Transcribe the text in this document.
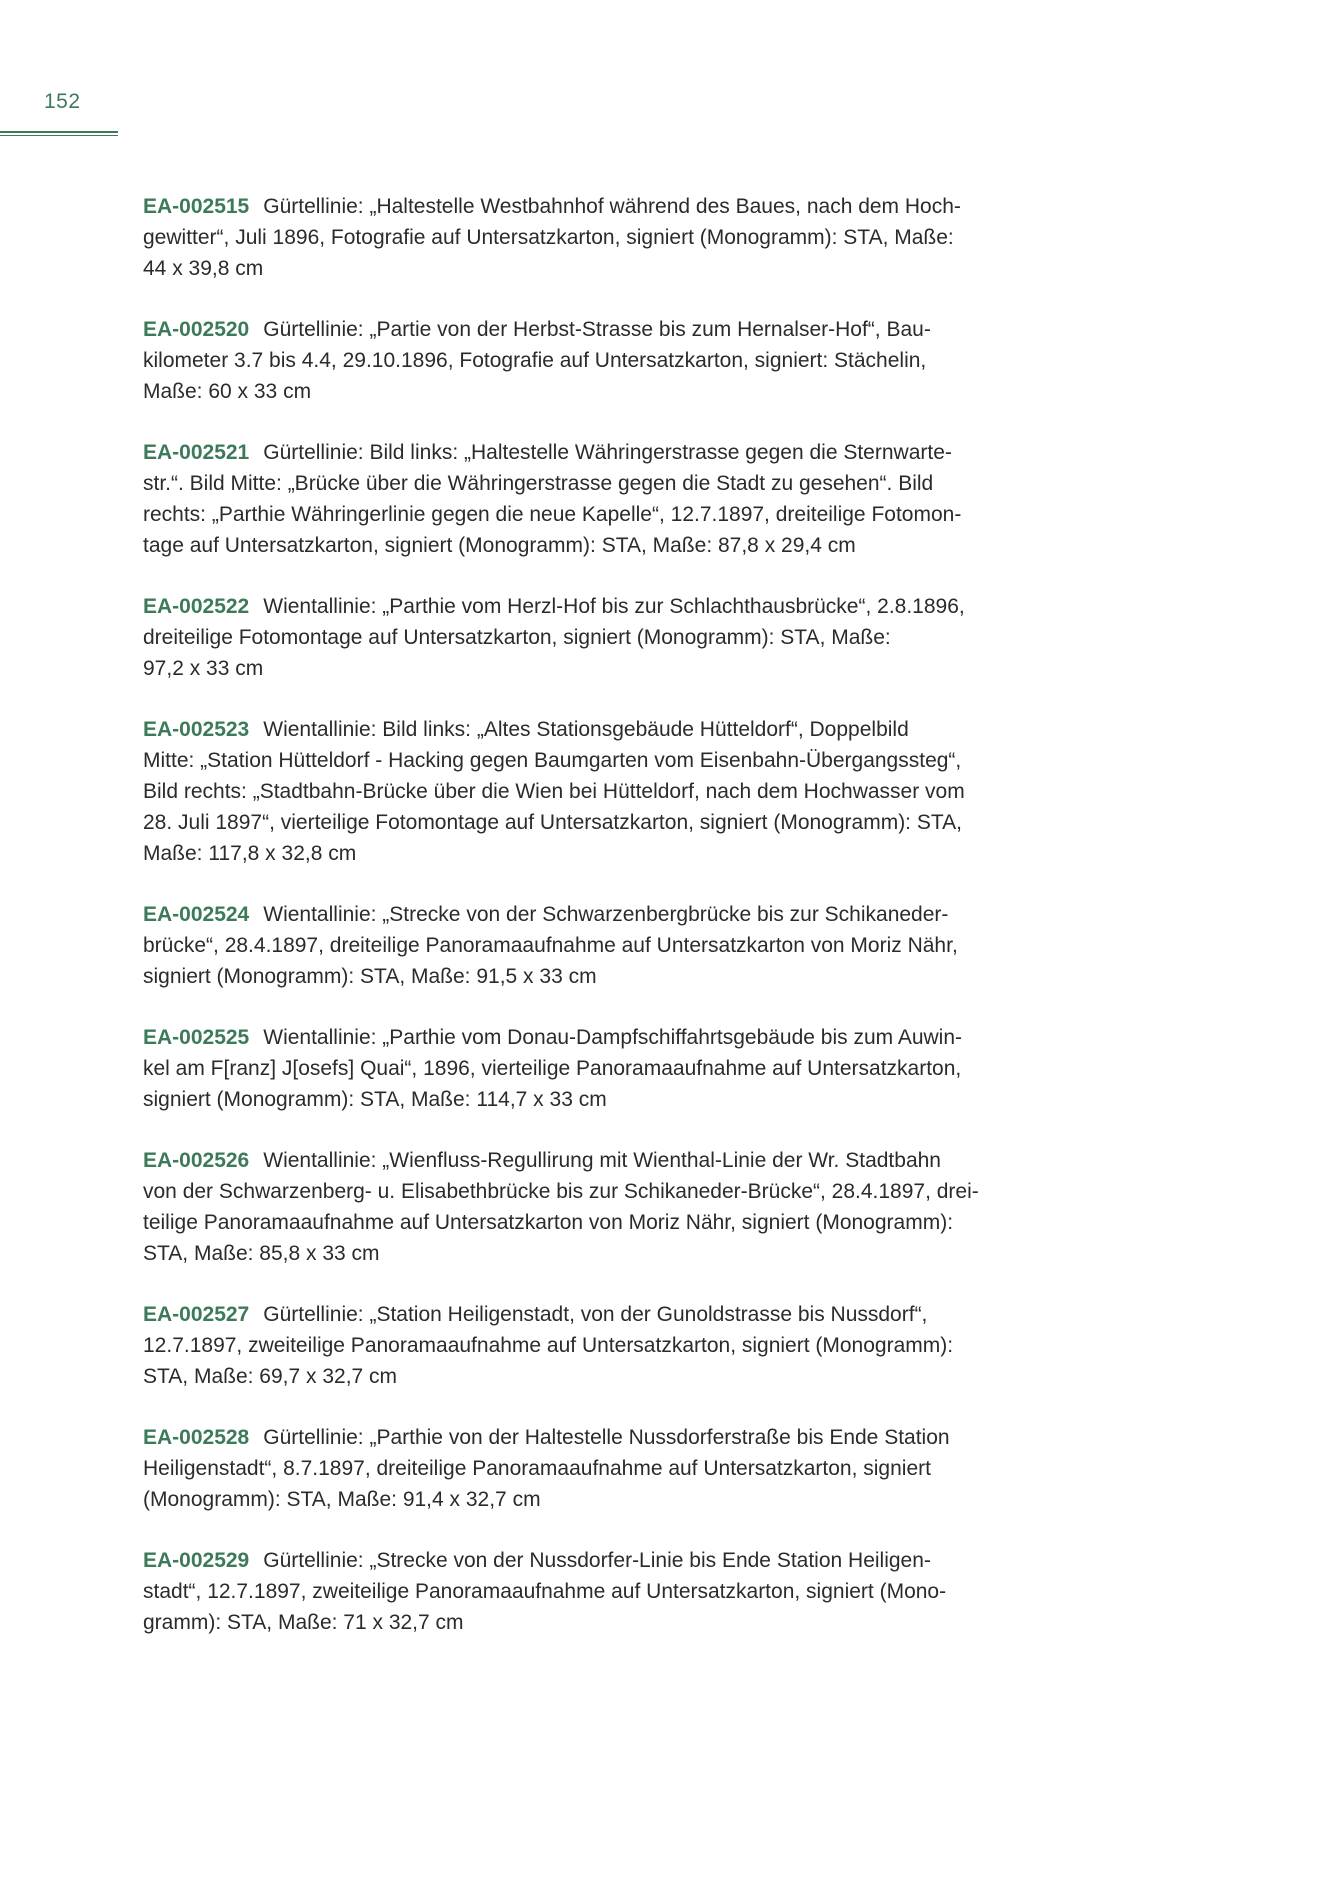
152

EA-002515 Gürtellinie: „Haltestelle Westbahnhof während des Baues, nach dem Hoch-
gewitter“, Juli 1896, Fotografie auf Untersatzkarton, signiert (Monogramm): STA, Maße:
44 x 39,8 cm

EA-002520 Gürtellinie: „Partie von der Herbst-Strasse bis zum Hernalser-Hof“, Bau-
kilometer 3.7 bis 4.4, 29.10.1896, Fotografie auf Untersatzkarton, signiert: Stächelin,
Maße: 60 x 33 cm

EA-002521 Gürtellinie: Bild links: „Haltestelle Währingerstrasse gegen die Sternwarte-
str.“. Bild Mitte: „Brücke über die Währingerstrasse gegen die Stadt zu gesehen“. Bild
rechts: „Parthie Währingerlinie gegen die neue Kapelle“, 12.7.1897, dreiteilige Fotomon-
tage auf Untersatzkarton, signiert (Monogramm): STA, Maße: 87,8 x 29,4 cm

EA-002522 Wientallinie: „Parthie vom Herzl-Hof bis zur Schlachthausbrücke“, 2.8.1896,
dreiteilige Fotomontage auf Untersatzkarton, signiert (Monogramm): STA, Maße:
97,2 x 33 cm

EA-002523 Wientallinie: Bild links: „Altes Stationsgebäude Hütteldorf“, Doppelbild
Mitte: „Station Hütteldorf - Hacking gegen Baumgarten vom Eisenbahn-Übergangssteg“,
Bild rechts: „Stadtbahn-Brücke über die Wien bei Hütteldorf, nach dem Hochwasser vom
28. Juli 1897“, vierteilige Fotomontage auf Untersatzkarton, signiert (Monogramm): STA,
Maße: 117,8 x 32,8 cm

EA-002524 Wientallinie: „Strecke von der Schwarzenbergbrücke bis zur Schikaneder-
brücke“, 28.4.1897, dreiteilige Panoramaaufnahme auf Untersatzkarton von Moriz Nähr,
signiert (Monogramm): STA, Maße: 91,5 x 33 cm

EA-002525 Wientallinie: „Parthie vom Donau-Dampfschiffahrtsgebäude bis zum Auwin-
kel am F[ranz] J[osefs] Quai“, 1896, vierteilige Panoramaaufnahme auf Untersatzkarton,
signiert (Monogramm): STA, Maße: 114,7 x 33 cm

EA-002526 Wientallinie: „Wienfluss-Regullirung mit Wienthal-Linie der Wr. Stadtbahn
von der Schwarzenberg- u. Elisabethbrücke bis zur Schikaneder-Brücke“, 28.4.1897, drei-
teilige Panoramaaufnahme auf Untersatzkarton von Moriz Nähr, signiert (Monogramm):
STA, Maße: 85,8 x 33 cm

EA-002527 Gürtellinie: „Station Heiligenstadt, von der Gunoldstrasse bis Nussdorf“,
12.7.1897, zweiteilige Panoramaaufnahme auf Untersatzkarton, signiert (Monogramm):
STA, Maße: 69,7 x 32,7 cm

EA-002528 Gürtellinie: „Parthie von der Haltestelle Nussdorferstraße bis Ende Station
Heiligenstadt“, 8.7.1897, dreiteilige Panoramaaufnahme auf Untersatzkarton, signiert
(Monogramm): STA, Maße: 91,4 x 32,7 cm

EA-002529 Gürtellinie: „Strecke von der Nussdorfer-Linie bis Ende Station Heiligen-
stadt“, 12.7.1897, zweiteilige Panoramaaufnahme auf Untersatzkarton, signiert (Mono-
gramm): STA, Maße: 71 x 32,7 cm
